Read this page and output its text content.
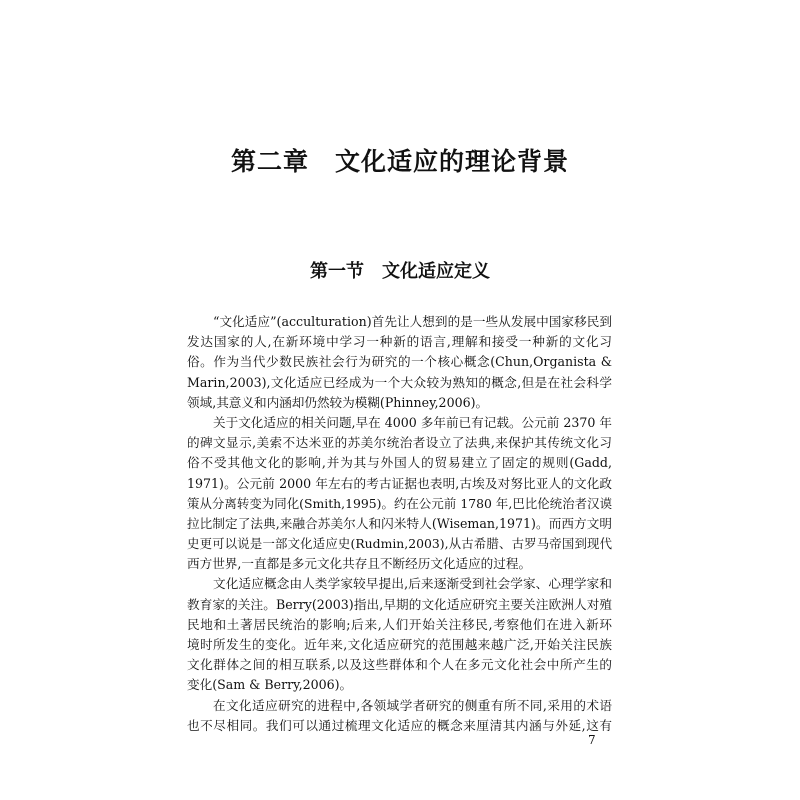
第二章　文化适应的理论背景
第一节　文化适应定义
“文化适应”(acculturation)首先让人想到的是一些从发展中国家移民到
发达国家的人,在新环境中学习一种新的语言,理解和接受一种新的文化习
俗。作为当代少数民族社会行为研究的一个核心概念(Chun,Organista &
Marin,2003),文化适应已经成为一个大众较为熟知的概念,但是在社会科学
领域,其意义和内涵却仍然较为模糊(Phinney,2006)。
关于文化适应的相关问题,早在 4000 多年前已有记载。公元前 2370 年
的碑文显示,美索不达米亚的苏美尔统治者设立了法典,来保护其传统文化习
俗不受其他文化的影响,并为其与外国人的贸易建立了固定的规则(Gadd,
1971)。公元前 2000 年左右的考古证据也表明,古埃及对努比亚人的文化政
策从分离转变为同化(Smith,1995)。约在公元前 1780 年,巴比伦统治者汉谟
拉比制定了法典,来融合苏美尔人和闪米特人(Wiseman,1971)。而西方文明
史更可以说是一部文化适应史(Rudmin,2003),从古希腊、古罗马帝国到现代
西方世界,一直都是多元文化共存且不断经历文化适应的过程。
文化适应概念由人类学家较早提出,后来逐渐受到社会学家、心理学家和
教育家的关注。Berry(2003)指出,早期的文化适应研究主要关注欧洲人对殖
民地和土著居民统治的影响;后来,人们开始关注移民,考察他们在进入新环
境时所发生的变化。近年来,文化适应研究的范围越来越广泛,开始关注民族
文化群体之间的相互联系,以及这些群体和个人在多元文化社会中所产生的
变化(Sam & Berry,2006)。
在文化适应研究的进程中,各领域学者研究的侧重有所不同,采用的术语
也不尽相同。我们可以通过梳理文化适应的概念来厘清其内涵与外延,这有
7
